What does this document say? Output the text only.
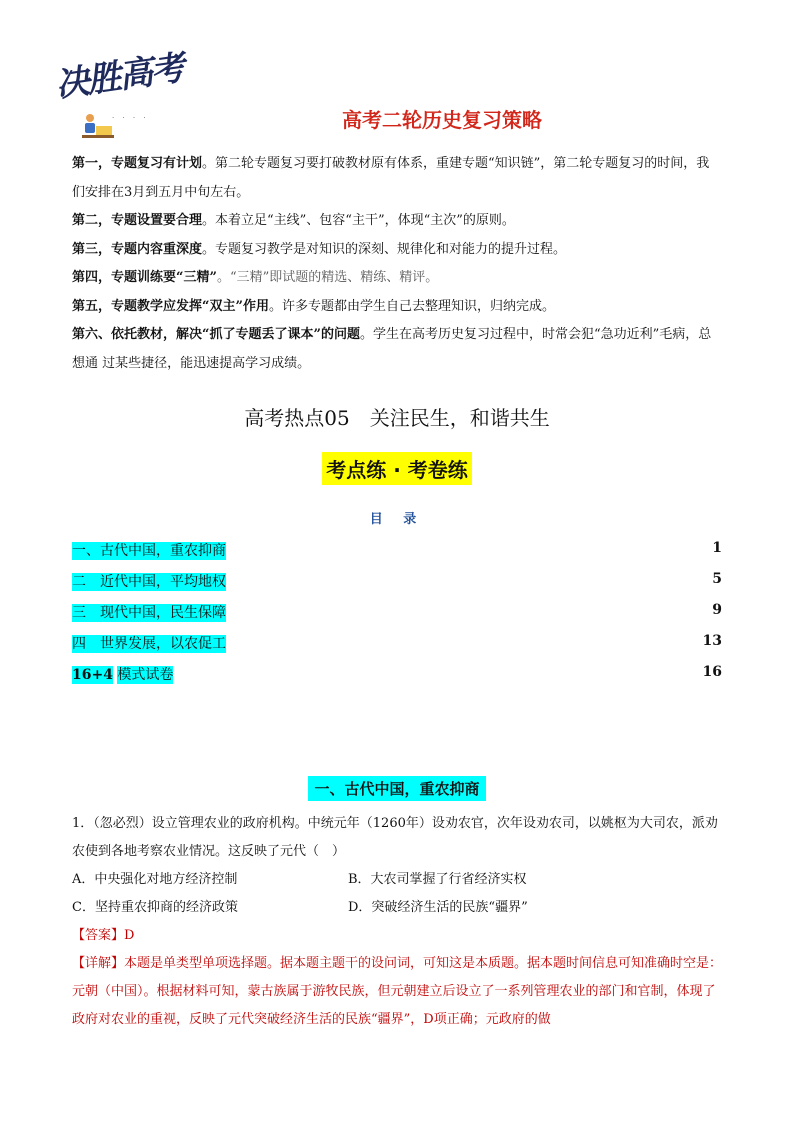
决胜高考
· · · ·	高考二轮历史复习策略

第一，专题复习有计划。第二轮专题复习要打破教材原有体系，重建专题“知识链”，第二轮专题复习的时间，我们安排在3月到五月中旬左右。

第二，专题设置要合理。本着立足“主线”、包容“主干”，体现“主次”的原则。

第三，专题内容重深度。专题复习教学是对知识的深刻、规律化和对能力的提升过程。

第四，专题训练要“三精”。“三精”即试题的精选、精练、精评。

第五，专题教学应发挥“双主”作用。许多专题都由学生自己去整理知识，归纳完成。

第六、依托教材，解决“抓了专题丢了课本”的问题。学生在高考历史复习过程中，时常会犯“急功近利”毛病，总想通 过某些捷径，能迅速提高学习成绩。

高考热点05　关注民生，和谐共生
考点练 · 考卷练
目 录
一、古代中国，重农抑商	1
二　近代中国，平均地权	5
三　现代中国，民生保障	9
四　世界发展，以农促工	13
16+4 模式试卷	16
一、古代中国，重农抑商

1．（忽必烈）设立管理农业的政府机构。中统元年（1260年）设劝农官，次年设劝农司，以姚枢为大司农，派劝农使到各地考察农业情况。这反映了元代（　）

A．中央强化对地方经济控制	B．大农司掌握了行省经济实权
C．坚持重农抑商的经济政策	D．突破经济生活的民族“疆界”

【答案】D

【详解】本题是单类型单项选择题。据本题主题干的设问词，可知这是本质题。据本题时间信息可知准确时空是：元朝（中国）。根据材料可知，蒙古族属于游牧民族，但元朝建立后设立了一系列管理农业的部门和官制，体现了政府对农业的重视，反映了元代突破经济生活的民族“疆界”，D项正确；元政府的做
